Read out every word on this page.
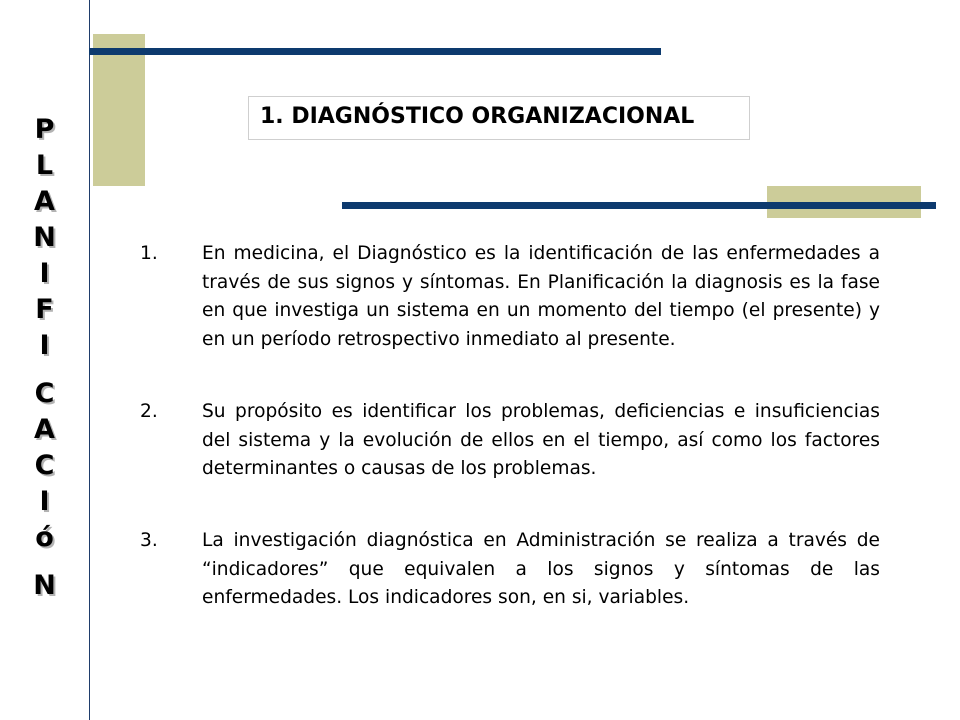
P
L
A
N
I
F
I
C
A
C
I
ó
N
1. DIAGNÓSTICO ORGANIZACIONAL
1.	En medicina, el Diagnóstico es la identificación de las enfermedades a través de sus signos y síntomas. En Planificación la diagnosis es la fase en que investiga un sistema en un momento del tiempo (el presente) y en un período retrospectivo inmediato al presente.
2.	Su propósito es identificar los problemas, deficiencias e insuficiencias del sistema y la evolución de ellos en el tiempo, así como los factores determinantes o causas de los problemas.
3.	La investigación diagnóstica en Administración se realiza a través de “indicadores” que equivalen a los signos y síntomas de las enfermedades. Los indicadores son, en si, variables.
